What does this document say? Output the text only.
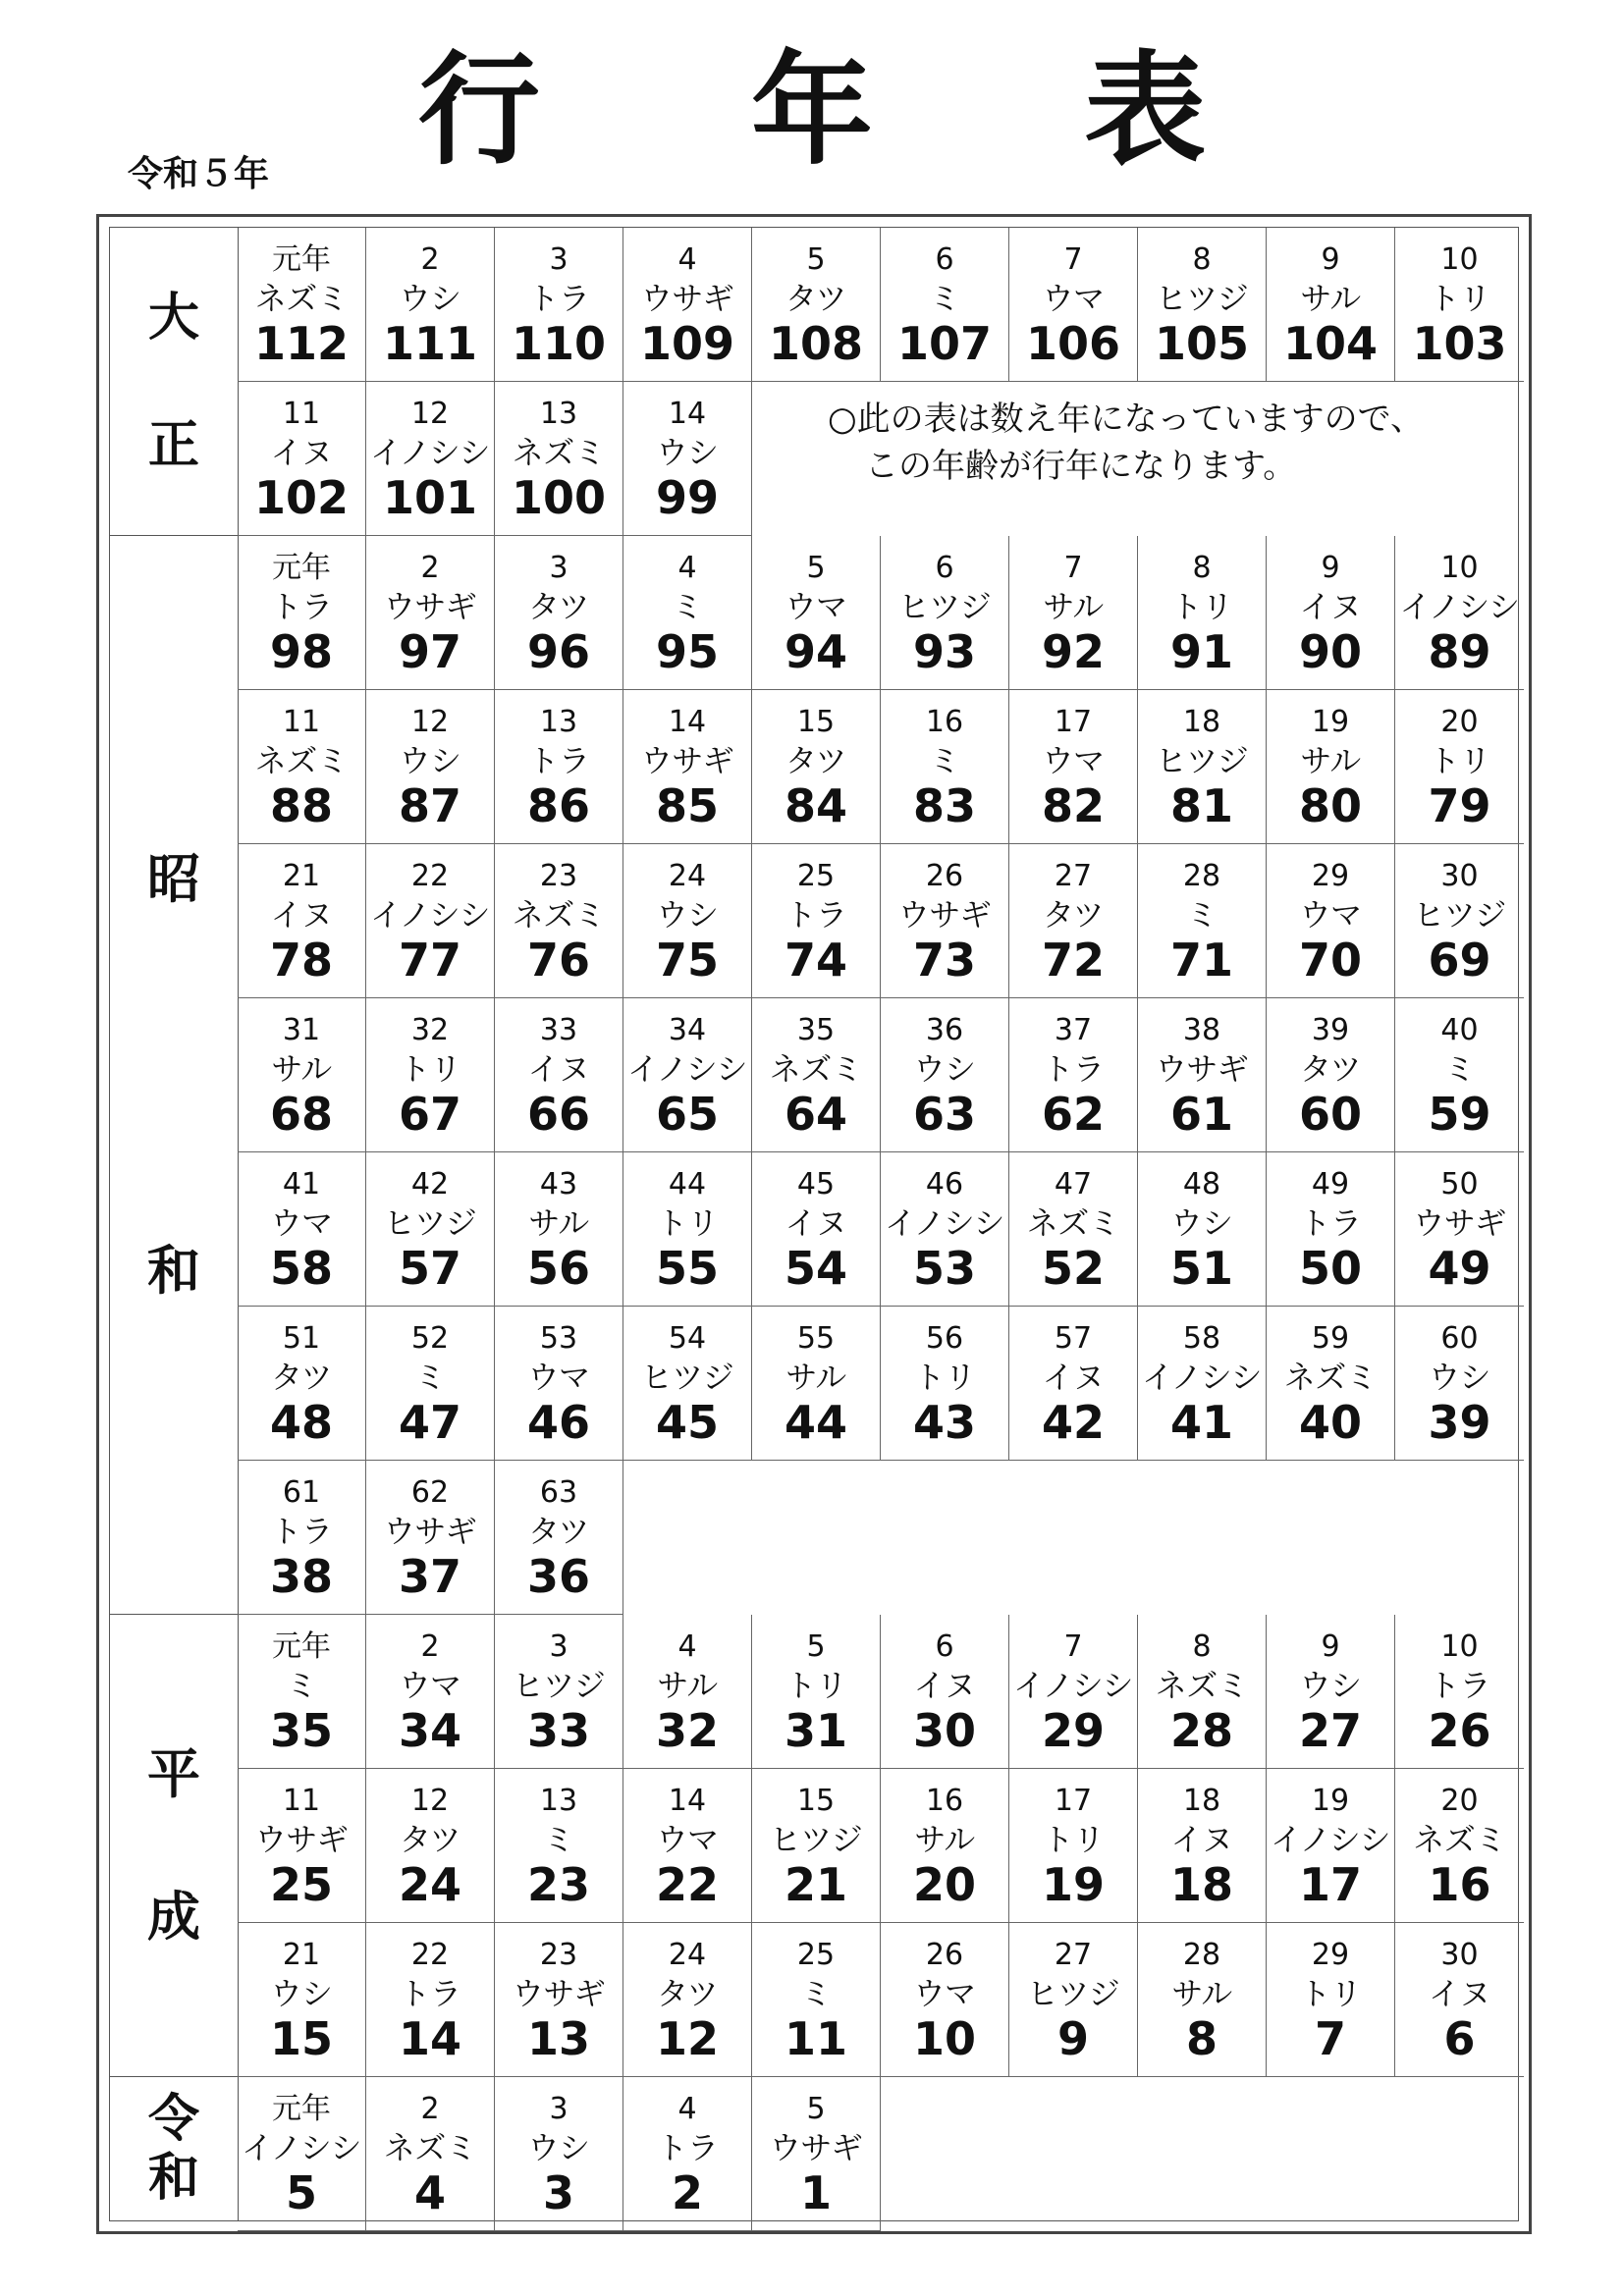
行 年 表
令和５年
大
正
昭
和
平
成
令
和
○此の表は数え年になっていますので、
この年齢が行年になります。
元年
ネズミ
112
2
ウシ
111
3
トラ
110
4
ウサギ
109
5
タツ
108
6
ミ
107
7
ウマ
106
8
ヒツジ
105
9
サル
104
10
トリ
103
11
イヌ
102
12
イノシシ
101
13
ネズミ
100
14
ウシ
99
元年
トラ
98
2
ウサギ
97
3
タツ
96
4
ミ
95
5
ウマ
94
6
ヒツジ
93
7
サル
92
8
トリ
91
9
イヌ
90
10
イノシシ
89
11
ネズミ
88
12
ウシ
87
13
トラ
86
14
ウサギ
85
15
タツ
84
16
ミ
83
17
ウマ
82
18
ヒツジ
81
19
サル
80
20
トリ
79
21
イヌ
78
22
イノシシ
77
23
ネズミ
76
24
ウシ
75
25
トラ
74
26
ウサギ
73
27
タツ
72
28
ミ
71
29
ウマ
70
30
ヒツジ
69
31
サル
68
32
トリ
67
33
イヌ
66
34
イノシシ
65
35
ネズミ
64
36
ウシ
63
37
トラ
62
38
ウサギ
61
39
タツ
60
40
ミ
59
41
ウマ
58
42
ヒツジ
57
43
サル
56
44
トリ
55
45
イヌ
54
46
イノシシ
53
47
ネズミ
52
48
ウシ
51
49
トラ
50
50
ウサギ
49
51
タツ
48
52
ミ
47
53
ウマ
46
54
ヒツジ
45
55
サル
44
56
トリ
43
57
イヌ
42
58
イノシシ
41
59
ネズミ
40
60
ウシ
39
61
トラ
38
62
ウサギ
37
63
タツ
36
元年
ミ
35
2
ウマ
34
3
ヒツジ
33
4
サル
32
5
トリ
31
6
イヌ
30
7
イノシシ
29
8
ネズミ
28
9
ウシ
27
10
トラ
26
11
ウサギ
25
12
タツ
24
13
ミ
23
14
ウマ
22
15
ヒツジ
21
16
サル
20
17
トリ
19
18
イヌ
18
19
イノシシ
17
20
ネズミ
16
21
ウシ
15
22
トラ
14
23
ウサギ
13
24
タツ
12
25
ミ
11
26
ウマ
10
27
ヒツジ
9
28
サル
8
29
トリ
7
30
イヌ
6
元年
イノシシ
5
2
ネズミ
4
3
ウシ
3
4
トラ
2
5
ウサギ
1
